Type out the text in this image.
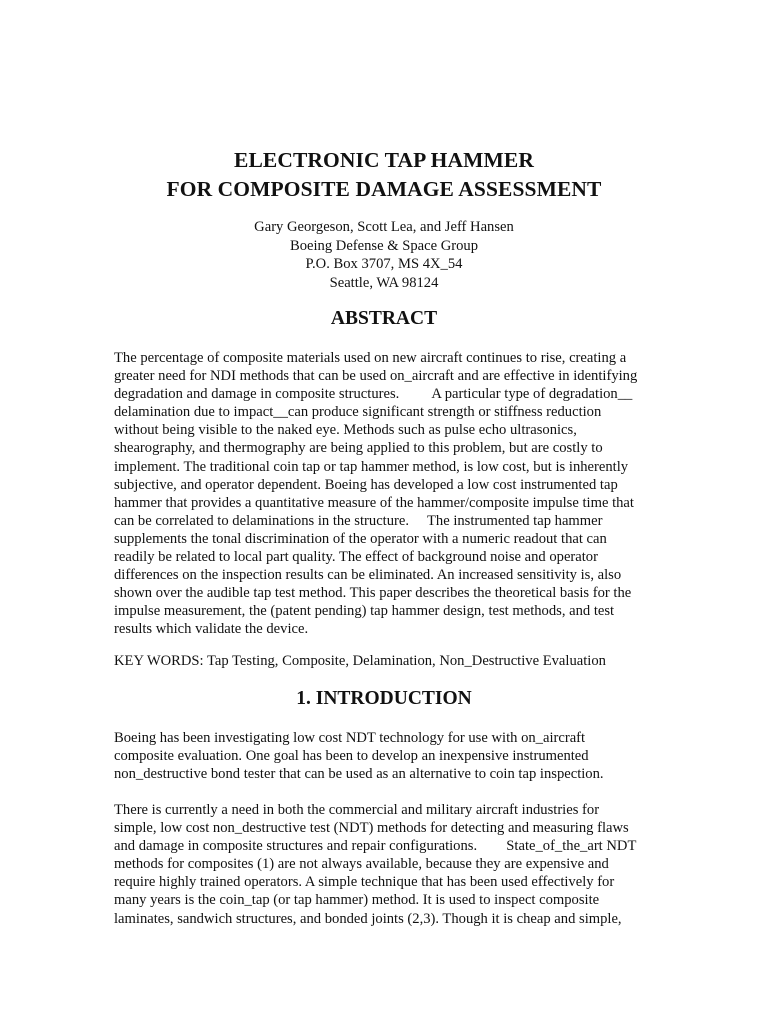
ELECTRONIC TAP HAMMER
FOR COMPOSITE DAMAGE ASSESSMENT
Gary Georgeson, Scott Lea, and Jeff Hansen
Boeing Defense & Space Group
P.O. Box 3707, MS 4X_54
Seattle, WA 98124
ABSTRACT
The percentage of composite materials used on new aircraft continues to rise, creating a
greater need for NDI methods that can be used on_aircraft and are effective in identifying
degradation and damage in composite structures.         A particular type of degradation__
delamination due to impact__can produce significant strength or stiffness reduction
without being visible to the naked eye. Methods such as pulse echo ultrasonics,
shearography, and thermography are being applied to this problem, but are costly to
implement. The traditional coin tap or tap hammer method, is low cost, but is inherently
subjective, and operator dependent. Boeing has developed a low cost instrumented tap
hammer that provides a quantitative measure of the hammer/composite impulse time that
can be correlated to delaminations in the structure.     The instrumented tap hammer
supplements the tonal discrimination of the operator with a numeric readout that can
readily be related to local part quality. The effect of background noise and operator
differences on the inspection results can be eliminated. An increased sensitivity is, also
shown over the audible tap test method. This paper describes the theoretical basis for the
impulse measurement, the (patent pending) tap hammer design, test methods, and test
results which validate the device.
KEY WORDS: Tap Testing, Composite, Delamination, Non_Destructive Evaluation
1. INTRODUCTION
Boeing has been investigating low cost NDT technology for use with on_aircraft
composite evaluation. One goal has been to develop an inexpensive instrumented
non_destructive bond tester that can be used as an alternative to coin tap inspection.
There is currently a need in both the commercial and military aircraft industries for
simple, low cost non_destructive test (NDT) methods for detecting and measuring flaws
and damage in composite structures and repair configurations.        State_of_the_art NDT
methods for composites (1) are not always available, because they are expensive and
require highly trained operators. A simple technique that has been used effectively for
many years is the coin_tap (or tap hammer) method. It is used to inspect composite
laminates, sandwich structures, and bonded joints (2,3). Though it is cheap and simple,
